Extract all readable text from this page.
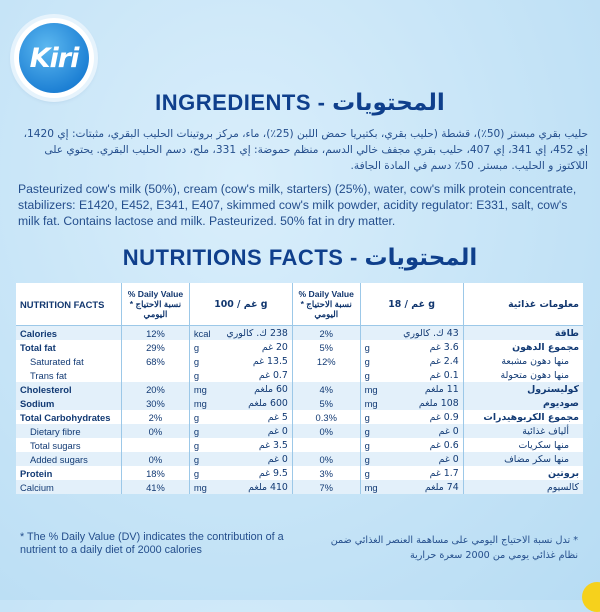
Kiri
INGREDIENTS - المحتويات
حليب بقري مبستر (50٪)، قشطة (حليب بقري، بكتيريا حمض اللبن (25٪)، ماء، مركز بروتينات الحليب البقري، مثبتات: إي 1420، إي 452، إي 341، إي 407، حليب بقري مجفف خالي الدسم، منظم حموضة: إي 331، ملح، دسم الحليب البقري. يحتوي على اللاكتوز و الحليب. مبستر. 50٪ دسم في المادة الجافة.
Pasteurized cow's milk (50%), cream (cow's milk, starters) (25%), water, cow's milk protein concentrate, stabilizers: E1420, E452, E341, E407, skimmed cow's milk powder, acidity regulator: E331, salt, cow's milk fat. Contains lactose and milk. Pasteurized. 50% fat in dry matter.
NUTRITIONS FACTS - المحتويات
NUTRITION FACTS	% Daily Value * نسبة الاحتياج اليومي	غم / 100 g	% Daily Value * نسبة الاحتياج اليومي	غم / 18 g	معلومات غذائية
Calories	12%	kcal 238 ك. كالوري	2%	43 ك. كالوري	طاقة
Total fat	29%	g 20 غم	5%	g 3.6 غم	مجموع الدهون
Saturated fat	68%	g 13.5 غم	12%	g 2.4 غم	منها دهون مشبعة
Trans fat		g 0.7 غم		g 0.1 غم	منها دهون متحولة
Cholesterol	20%	mg 60 ملغم	4%	mg 11 ملغم	كوليسترول
Sodium	30%	mg 600 ملغم	5%	mg 108 ملغم	صوديوم
Total Carbohydrates	2%	g 5 غم	0.3%	g 0.9 غم	مجموع الكربوهيدرات
Dietary fibre	0%	g 0 غم	0%	g 0 غم	ألياف غذائية
Total sugars		g 3.5 غم		g 0.6 غم	منها سكريات
Added sugars	0%	g 0 غم	0%	g 0 غم	منها سكر مضاف
Protein	18%	g 9.5 غم	3%	g 1.7 غم	بروتين
Calcium	41%	mg 410 ملغم	7%	mg 74 ملغم	كالسيوم
* The % Daily Value (DV) indicates the contribution of a nutrient to a daily diet of 2000 calories
* تدل نسبة الاحتياج اليومي على مساهمة العنصر الغذائي ضمن نظام غذائي يومي من 2000 سعرة حرارية
